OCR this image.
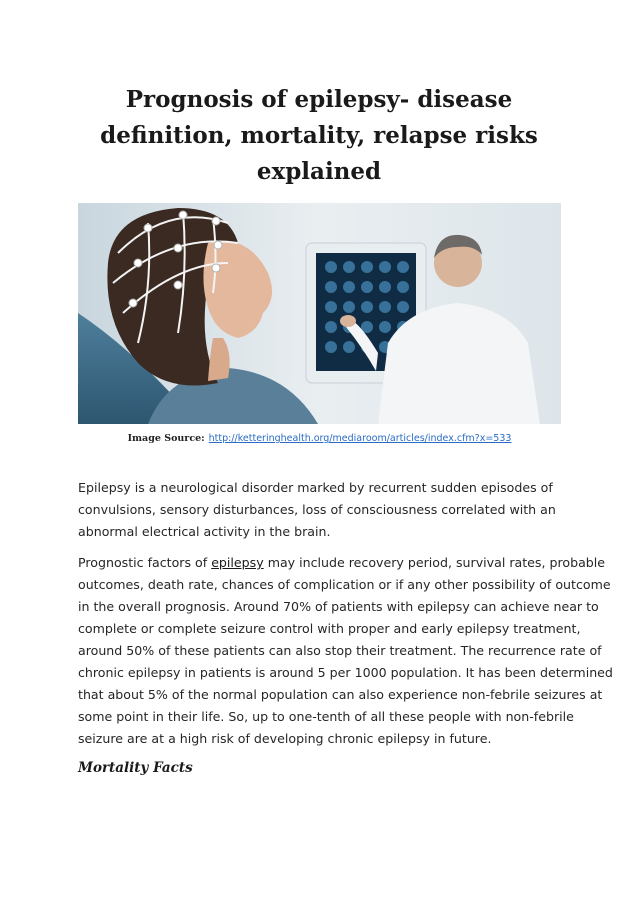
Prognosis of epilepsy- disease
definition, mortality, relapse risks
explained
Image Source: http://ketteringhealth.org/mediaroom/articles/index.cfm?x=533

Epilepsy is a neurological disorder marked by recurrent sudden episodes of
convulsions, sensory disturbances, loss of consciousness correlated with an
abnormal electrical activity in the brain.

Prognostic factors of epilepsy may include recovery period, survival rates, probable
outcomes, death rate, chances of complication or if any other possibility of outcome
in the overall prognosis. Around 70% of patients with epilepsy can achieve near to
complete or complete seizure control with proper and early epilepsy treatment,
around 50% of these patients can also stop their treatment. The recurrence rate of
chronic epilepsy in patients is around 5 per 1000 population. It has been determined
that about 5% of the normal population can also experience non-febrile seizures at
some point in their life. So, up to one-tenth of all these people with non-febrile
seizure are at a high risk of developing chronic epilepsy in future.

Mortality Facts
